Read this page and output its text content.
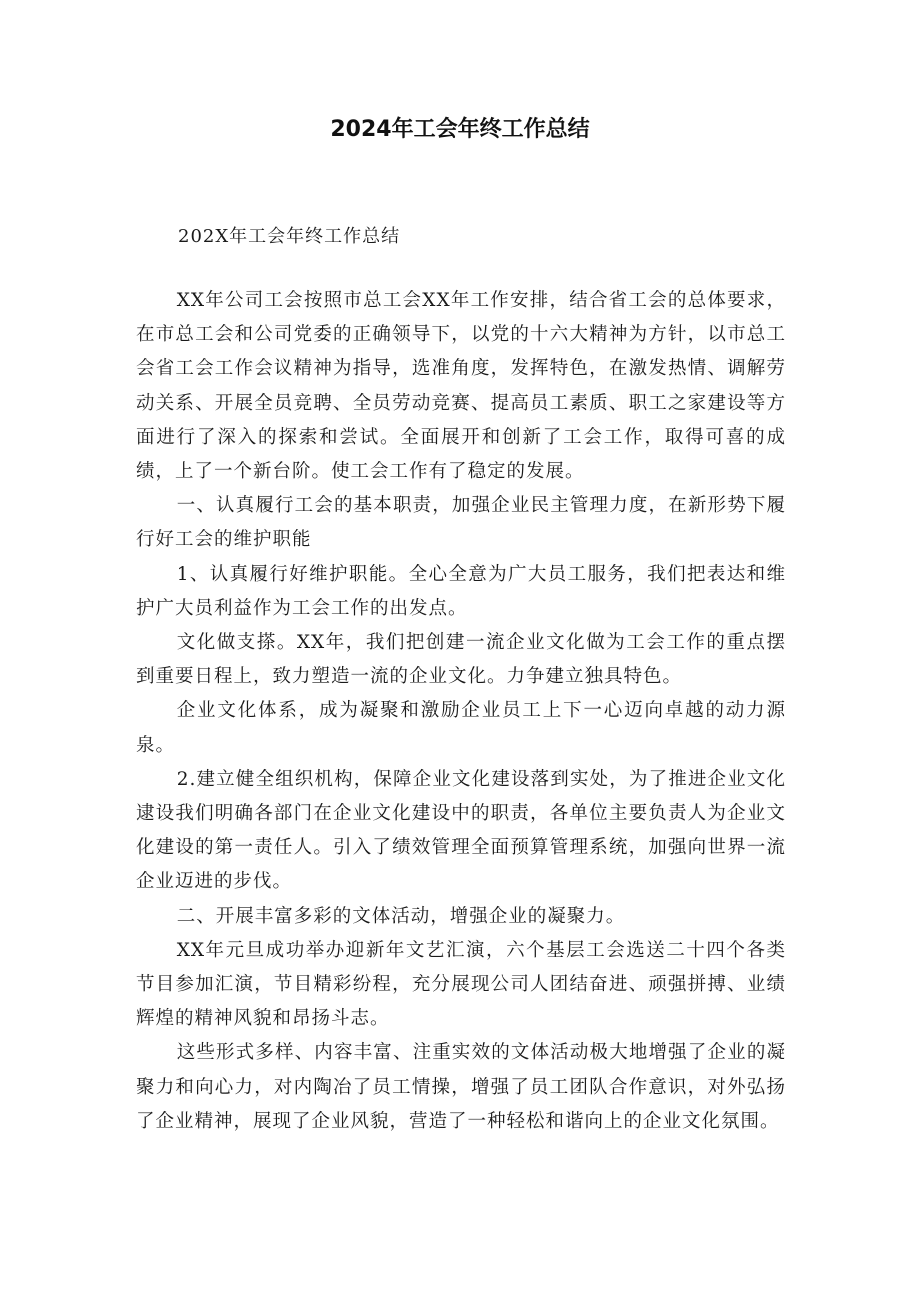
2024年工会年终工作总结
202X年工会年终工作总结

XX年公司工会按照市总工会XX年工作安排，结合省工会的总体要求，在市总工会和公司党委的正确领导下，以党的十六大精神为方针，以市总工会省工会工作会议精神为指导，选准角度，发挥特色，在激发热情、调解劳动关系、开展全员竞聘、全员劳动竞赛、提高员工素质、职工之家建设等方面进行了深入的探索和尝试。全面展开和创新了工会工作，取得可喜的成绩，上了一个新台阶。使工会工作有了稳定的发展。

一、认真履行工会的基本职责，加强企业民主管理力度，在新形势下履行好工会的维护职能

1、认真履行好维护职能。全心全意为广大员工服务，我们把表达和维护广大员利益作为工会工作的出发点。

文化做支搽。XX年，我们把创建一流企业文化做为工会工作的重点摆到重要日程上，致力塑造一流的企业文化。力争建立独具特色。

企业文化体系，成为凝聚和激励企业员工上下一心迈向卓越的动力源泉。

2.建立健全组织机构，保障企业文化建设落到实处，为了推进企业文化逮设我们明确各部门在企业文化建设中的职责，各单位主要负责人为企业文化建设的第一责任人。引入了绩效管理全面预算管理系统，加强向世界一流企业迈进的步伐。

二、开展丰富多彩的文体活动，增强企业的凝聚力。

XX年元旦成功举办迎新年文艺汇演，六个基层工会选送二十四个各类节目参加汇演，节目精彩纷程，充分展现公司人团结奋进、顽强拼搏、业绩辉煌的精神风貌和昂扬斗志。

这些形式多样、内容丰富、注重实效的文体活动极大地增强了企业的凝聚力和向心力，对内陶冶了员工情操，增强了员工团队合作意识，对外弘扬了企业精神，展现了企业风貌，营造了一种轻松和谐向上的企业文化氛围。
